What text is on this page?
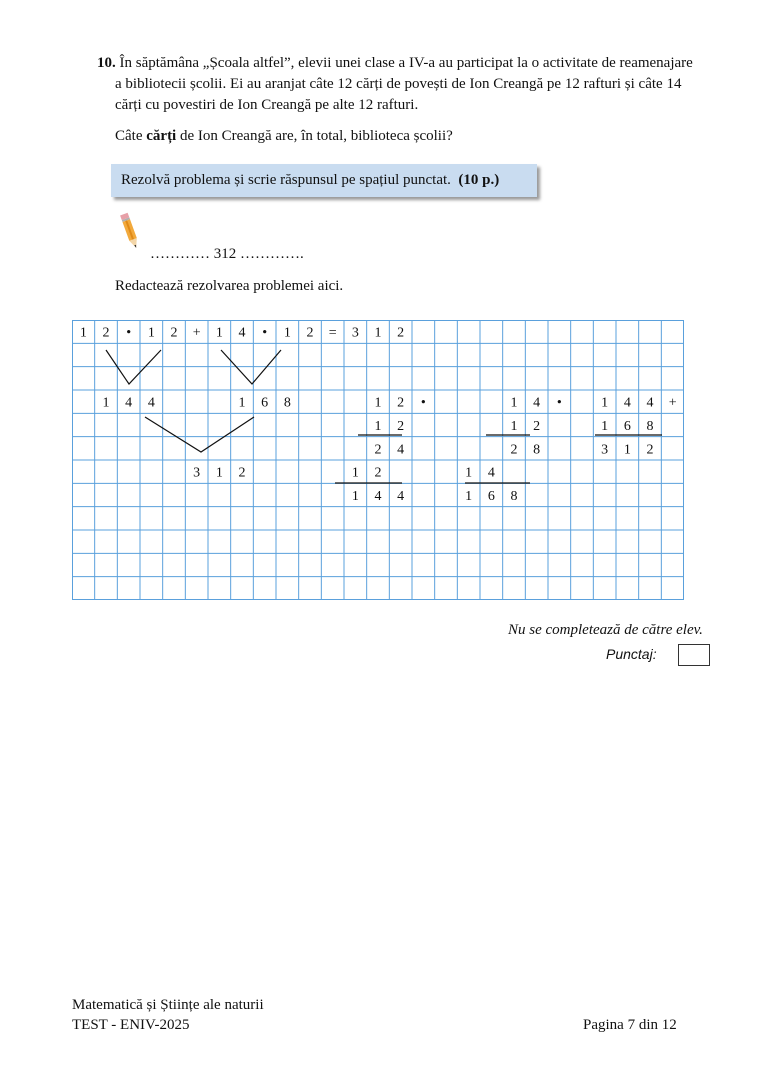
10. În săptămâna „Școala altfel”, elevii unei clase a IV-a au participat la o activitate de reamenajare
a bibliotecii școlii. Ei au aranjat câte 12 cărți de povești de Ion Creangă pe 12 rafturi și câte 14
cărți cu povestiri de Ion Creangă pe alte 12 rafturi.
Câte cărți de Ion Creangă are, în total, biblioteca școlii?
Rezolvă problema și scrie răspunsul pe spațiul punctat. (10 p.)
………… 312 ………….
Redactează rezolvarea problemei aici.
1 2 • 1 2 + 1 4 • 1 2 = 3 1 2
1 4 4	1 6 8	1 2 •	1 4 •	1 4 4 +
1 2	1 2	1 6 8
2 4	2 8	3 1 2
3 1 2	1 2	1 4
1 4 4	1 6 8
Nu se completează de către elev.
Punctaj:
Matematică și Științe ale naturii
TEST - ENIV-2025	Pagina 7 din 12
